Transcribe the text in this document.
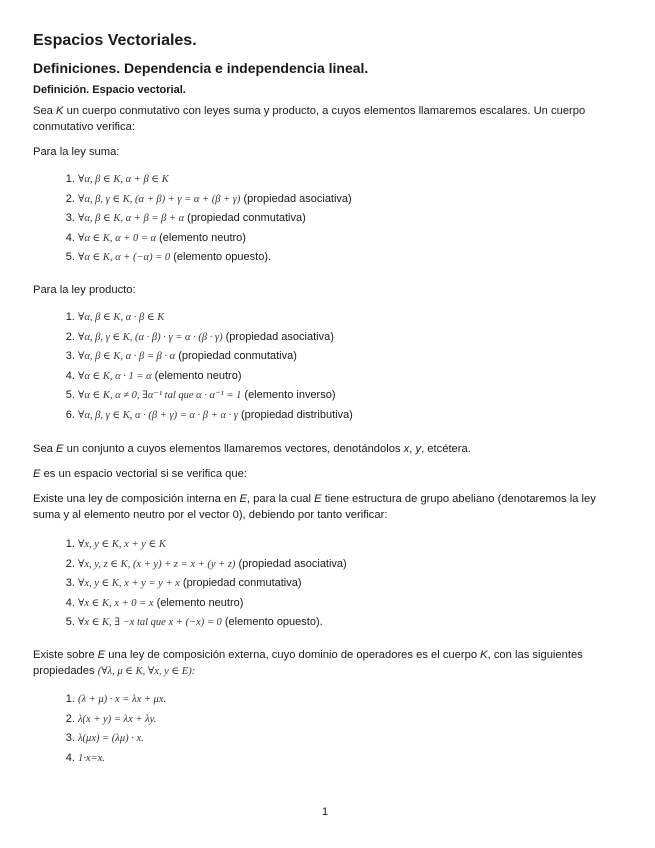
Espacios Vectoriales.
Definiciones. Dependencia e independencia lineal.
Definición. Espacio vectorial.
Sea K un cuerpo conmutativo con leyes suma y producto, a cuyos elementos llamaremos escalares. Un cuerpo conmutativo verifica:
Para la ley suma:
1. ∀α, β ∈ K, α + β ∈ K
2. ∀α, β, γ ∈ K, (α + β) + γ = α + (β + γ) (propiedad asociativa)
3. ∀α, β ∈ K, α + β = β + α (propiedad conmutativa)
4. ∀α ∈ K, α + 0 = α (elemento neutro)
5. ∀α ∈ K, α + (−α) = 0 (elemento opuesto).
Para la ley producto:
1. ∀α, β ∈ K, α · β ∈ K
2. ∀α, β, γ ∈ K, (α · β) · γ = α · (β · γ) (propiedad asociativa)
3. ∀α, β ∈ K, α · β = β · α (propiedad conmutativa)
4. ∀α ∈ K, α · 1 = α (elemento neutro)
5. ∀α ∈ K, α ≠ 0, ∃α⁻¹ tal que α · α⁻¹ = 1 (elemento inverso)
6. ∀α, β, γ ∈ K, α · (β + γ) = α · β + α · γ (propiedad distributiva)
Sea E un conjunto a cuyos elementos llamaremos vectores, denotándolos x, y, etcétera.
E es un espacio vectorial si se verifica que:
Existe una ley de composición interna en E, para la cual E tiene estructura de grupo abeliano (denotaremos la ley suma y al elemento neutro por el vector 0), debiendo por tanto verificar:
1. ∀x, y ∈ K, x + y ∈ K
2. ∀x, y, z ∈ K, (x + y) + z = x + (y + z) (propiedad asociativa)
3. ∀x, y ∈ K, x + y = y + x (propiedad conmutativa)
4. ∀x ∈ K, x + 0 = x (elemento neutro)
5. ∀x ∈ K, ∃ −x tal que x + (−x) = 0 (elemento opuesto).
Existe sobre E una ley de composición externa, cuyo dominio de operadores es el cuerpo K, con las siguientes propiedades (∀λ, μ ∈ K, ∀x, y ∈ E):
1. (λ + μ) · x = λx + μx.
2. λ(x + y) = λx + λy.
3. λ(μx) = (λμ) · x.
4. 1·x=x.
1
